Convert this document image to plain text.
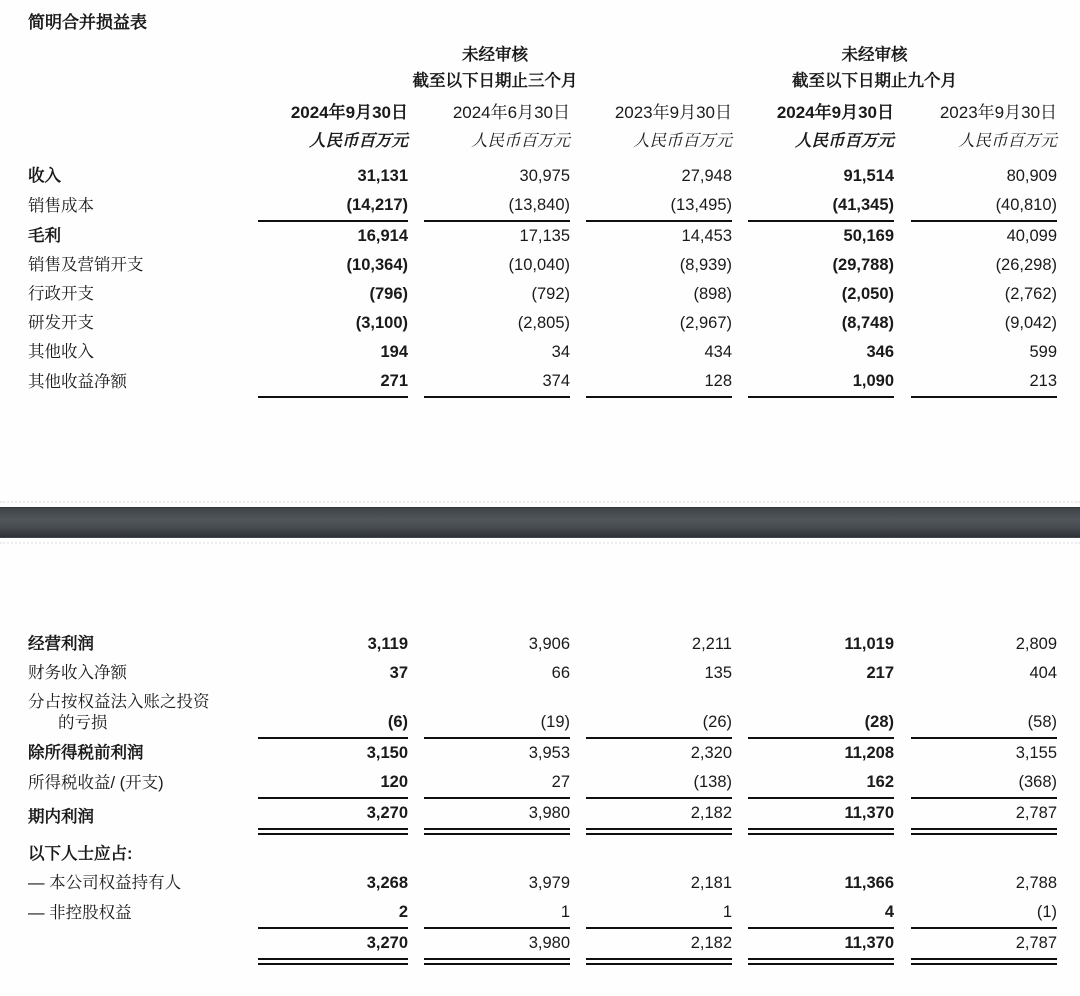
简明合并损益表

未经审核
截至以下日期止三个月

未经审核
截至以下日期止九个月

	2024年9月30日		2024年6月30日		2023年9月30日		2024年9月30日		2023年9月30日
	人民币百万元		人民币百万元		人民币百万元		人民币百万元		人民币百万元
收入	31,131		30,975		27,948		91,514		80,909
销售成本	(14,217)		(13,840)		(13,495)		(41,345)		(40,810)
毛利	16,914		17,135		14,453		50,169		40,099
销售及营销开支	(10,364)		(10,040)		(8,939)		(29,788)		(26,298)
行政开支	(796)		(792)		(898)		(2,050)		(2,762)
研发开支	(3,100)		(2,805)		(2,967)		(8,748)		(9,042)
其他收入	194		34		434		346		599
其他收益净额	271		374		128		1,090		213
经营利润	3,119		3,906		2,211		11,019		2,809
财务收入净额	37		66		135		217		404

分占按权益法入账之投资
的亏损	(6)		(19)		(26)		(28)		(58)
除所得税前利润	3,150		3,953		2,320		11,208		3,155
所得税收益/ (开支)	120		27		(138)		162		(368)
期内利润	3,270		3,980		2,182		11,370		2,787
以下人士应占:									
— 本公司权益持有人	3,268		3,979		2,181		11,366		2,788
— 非控股权益	2		1		1		4		(1)
	3,270		3,980		2,182		11,370		2,787
